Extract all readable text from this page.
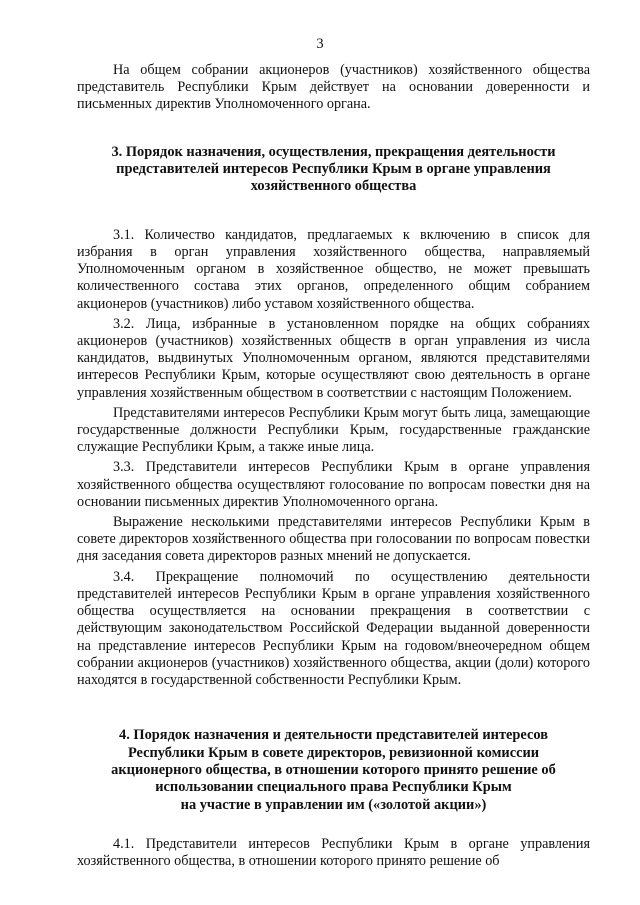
3

На общем собрании акционеров (участников) хозяйственного общества представитель Республики Крым действует на основании доверенности и письменных директив Уполномоченного органа.

3. Порядок назначения, осуществления, прекращения деятельности представителей интересов Республики Крым в органе управления хозяйственного общества

3.1. Количество кандидатов, предлагаемых к включению в список для избрания в орган управления хозяйственного общества, направляемый Уполномоченным органом в хозяйственное общество, не может превышать количественного состава этих органов, определенного общим собранием акционеров (участников) либо уставом хозяйственного общества.

3.2. Лица, избранные в установленном порядке на общих собраниях акционеров (участников) хозяйственных обществ в орган управления из числа кандидатов, выдвинутых Уполномоченным органом, являются представителями интересов Республики Крым, которые осуществляют свою деятельность в органе управления хозяйственным обществом в соответствии с настоящим Положением.

Представителями интересов Республики Крым могут быть лица, замещающие государственные должности Республики Крым, государственные гражданские служащие Республики Крым, а также иные лица.

3.3. Представители интересов Республики Крым в органе управления хозяйственного общества осуществляют голосование по вопросам повестки дня на основании письменных директив Уполномоченного органа.

Выражение несколькими представителями интересов Республики Крым в совете директоров хозяйственного общества при голосовании по вопросам повестки дня заседания совета директоров разных мнений не допускается.

3.4. Прекращение полномочий по осуществлению деятельности представителей интересов Республики Крым в органе управления хозяйственного общества осуществляется на основании прекращения в соответствии с действующим законодательством Российской Федерации выданной доверенности на представление интересов Республики Крым на годовом/внеочередном общем собрании акционеров (участников) хозяйственного общества, акции (доли) которого находятся в государственной собственности Республики Крым.

4. Порядок назначения и деятельности представителей интересов
Республики Крым в совете директоров, ревизионной комиссии
акционерного общества, в отношении которого принято решение об
использовании специального права Республики Крым
на участие в управлении им («золотой акции»)

4.1. Представители интересов Республики Крым в органе управления хозяйственного общества, в отношении которого принято решение об
